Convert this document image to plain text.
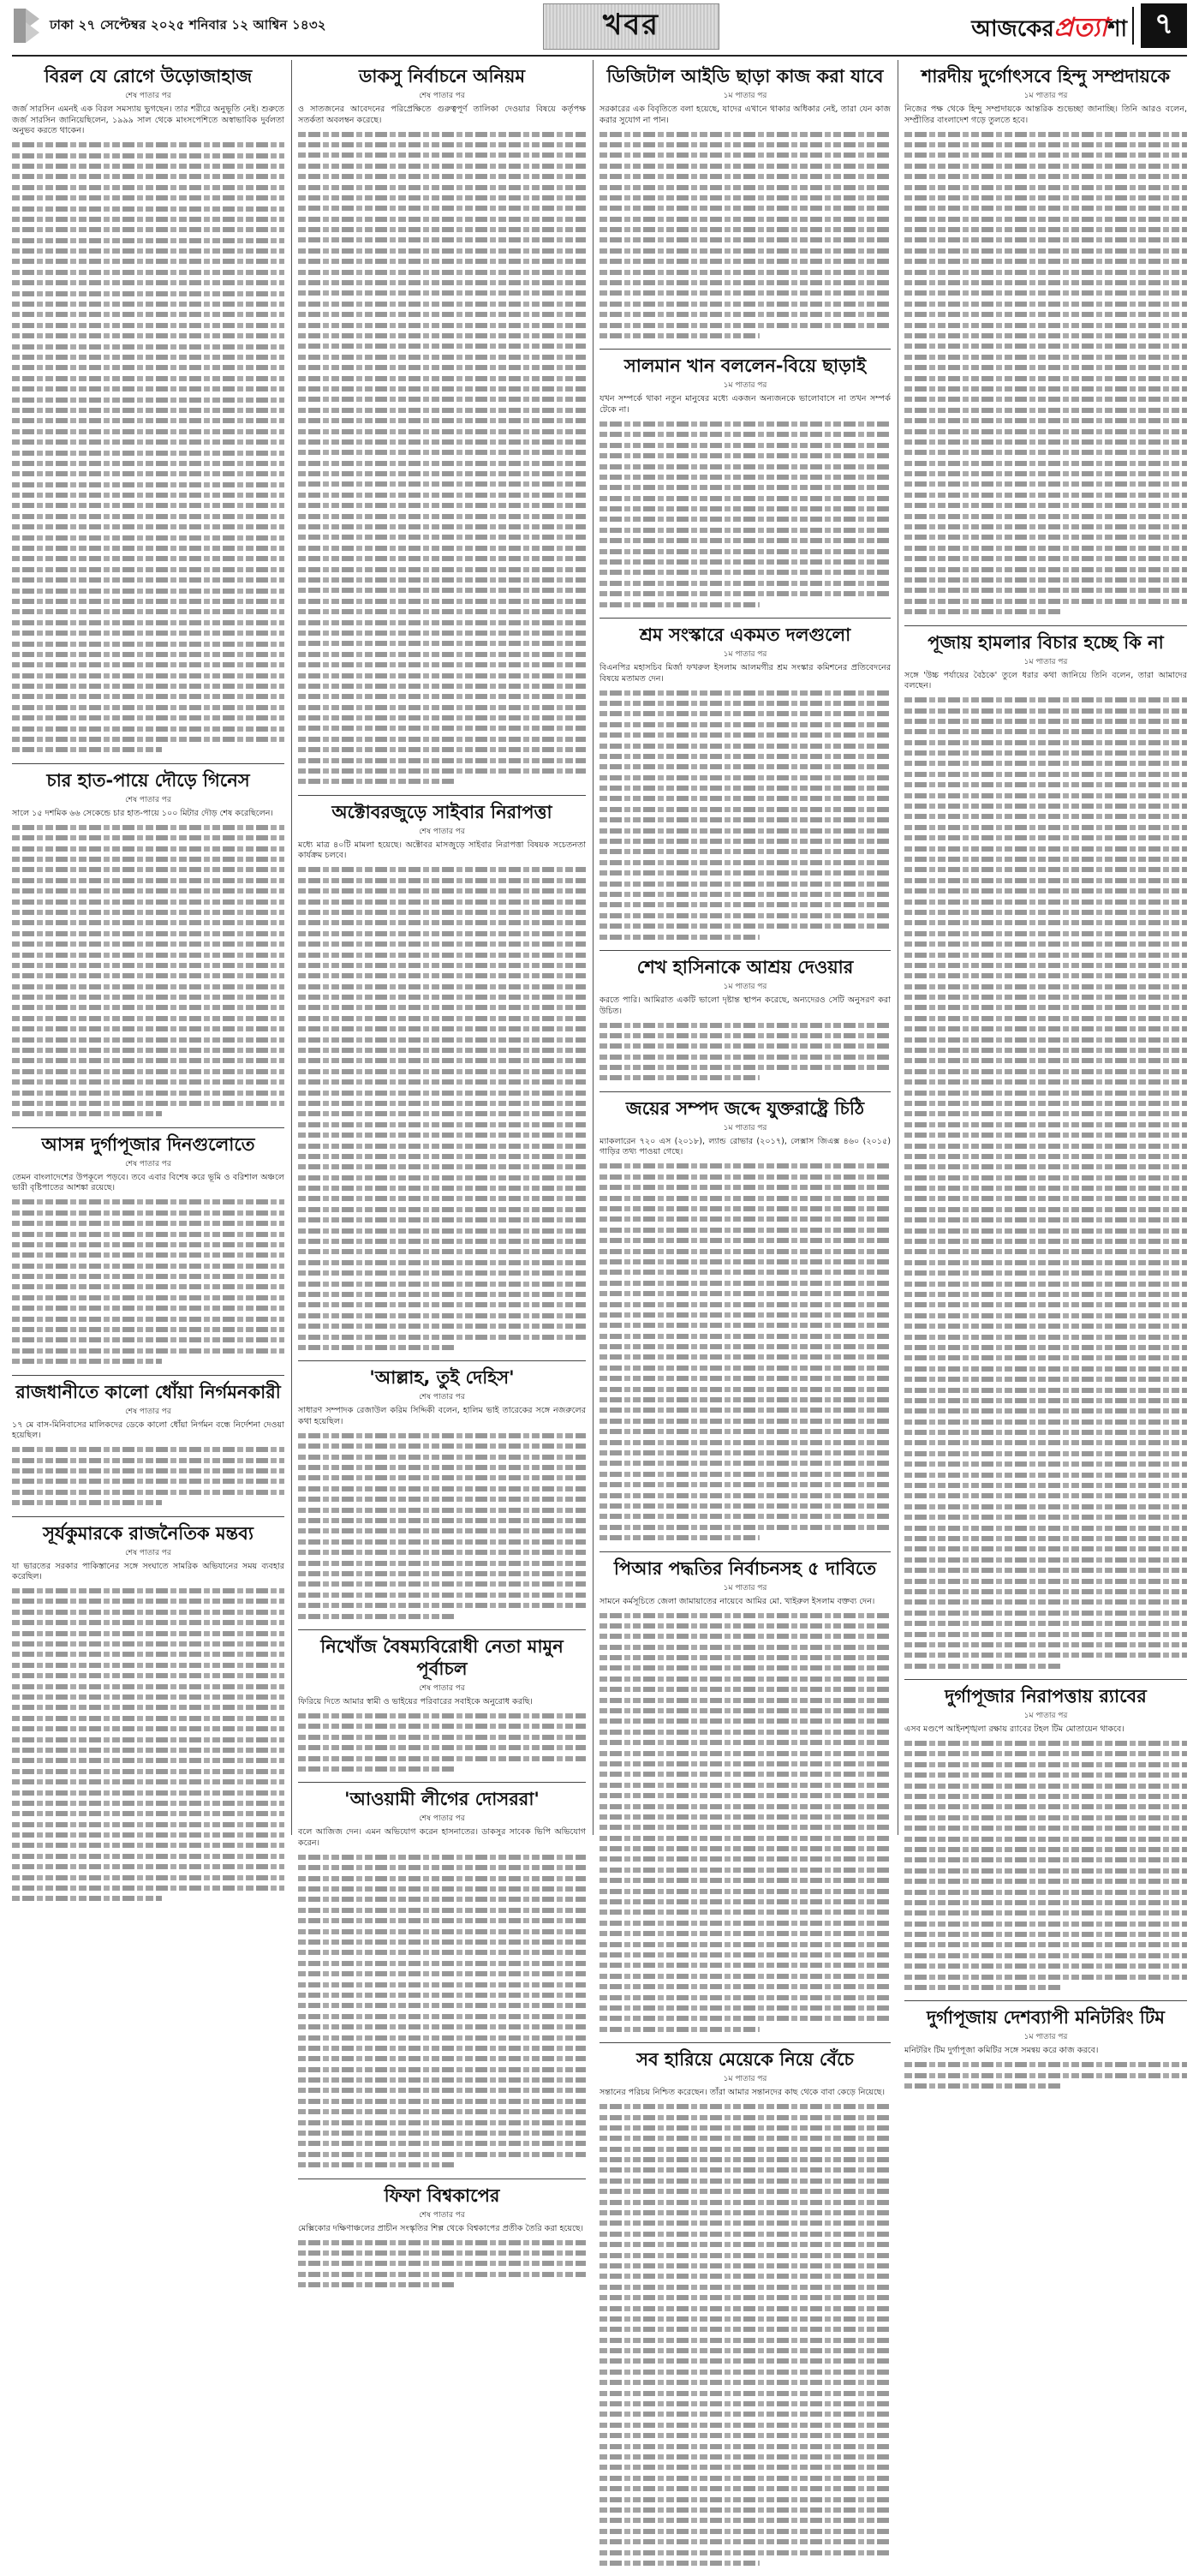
ঢাকা ২৭ সেপ্টেম্বর ২০২৫ শনিবার ১২ আশ্বিন ১৪৩২	খবর	আজকের প্রত্যা শা ৭
বিরল যে রোগে উড়োজাহাজ
শেষ পাতার পর

জর্জ সারসিন এমনই এক বিরল সমস্যায় ভুগছেন। তার শরীরে অনুভূতি নেই। শুরুতে জর্জ সারসিন জানিয়েছিলেন, ১৯৯৯ সাল থেকে মাংসপেশিতে অস্বাভাবিক দুর্বলতা অনুভব করতে থাকেন।

চার হাত-পায়ে দৌড়ে গিনেস
শেষ পাতার পর

সালে ১৫ দশমিক ৬৬ সেকেন্ডে চার হাত-পায়ে ১০০ মিটার দৌড় শেষ করেছিলেন।

আসন্ন দুর্গাপূজার দিনগুলোতে
শেষ পাতার পর

তেমন বাংলাদেশের উপকূলে পড়বে। তবে এবার বিশেষ করে ভূমি ও বরিশাল অঞ্চলে ভারী বৃষ্টিপাতের আশঙ্কা রয়েছে।

রাজধানীতে কালো ধোঁয়া নির্গমনকারী
শেষ পাতার পর

১৭ মে বাস-মিনিবাসের মালিকদের ডেকে কালো ধোঁয়া নির্গমন বন্ধে নির্দেশনা দেওয়া হয়েছিল।

সূর্যকুমারকে রাজনৈতিক মন্তব্য
শেষ পাতার পর

যা ভারতের সরকার পাকিস্তানের সঙ্গে সংঘাতে সামরিক অভিযানের সময় ব্যবহার করেছিল।

ডাকসু নির্বাচনে অনিয়ম
শেষ পাতার পর

ও সাতজনের আবেদনের পরিপ্রেক্ষিতে গুরুত্বপূর্ণ তালিকা দেওয়ার বিষয়ে কর্তৃপক্ষ সতর্কতা অবলম্বন করেছে।

অক্টোবরজুড়ে সাইবার নিরাপত্তা
শেষ পাতার পর

মধ্যে মাত্র ৪০টি মামলা হয়েছে। অক্টোবর মাসজুড়ে সাইবার নিরাপত্তা বিষয়ক সচেতনতা কার্যক্রম চলবে।

'আল্লাহ, তুই দেহিস'
শেষ পাতার পর

সাধারণ সম্পাদক রেজাউল করিম সিদ্দিকী বলেন, হালিম ভাই তারেকের সঙ্গে নজরুলের কথা হয়েছিল।

নিখোঁজ বৈষম্যবিরোধী নেতা মামুন পূর্বাচল
শেষ পাতার পর

ফিরিয়ে দিতে আমার স্বামী ও ভাইয়ের পরিবারের সবাইকে অনুরোধ করছি।

'আওয়ামী লীগের দোসররা'
শেষ পাতার পর

বলে আজিজ দেন। এমন অভিযোগ করেন হাসনাতের। ডাকসুর সাবেক ভিপি অভিযোগ করেন।

ফিফা বিশ্বকাপের
শেষ পাতার পর

মেক্সিকোর দক্ষিণাঞ্চলের প্রাচীন সংস্কৃতির শিল্প থেকে বিশ্বকাপের প্রতীক তৈরি করা হয়েছে।

ডিজিটাল আইডি ছাড়া কাজ করা যাবে
১ম পাতার পর

সরকারের এক বিবৃতিতে বলা হয়েছে, যাদের এখানে থাকার অধিকার নেই, তারা যেন কাজ করার সুযোগ না পান।

সালমান খান বললেন-বিয়ে ছাড়াই
১ম পাতার পর

যখন সম্পর্কে থাকা নতুন মানুষের মধ্যে একজন অন্যজনকে ভালোবাসে না তখন সম্পর্ক টেকে না।

শ্রম সংস্কারে একমত দলগুলো
১ম পাতার পর

বিএনপির মহাসচিব মির্জা ফখরুল ইসলাম আলমগীর শ্রম সংস্কার কমিশনের প্রতিবেদনের বিষয়ে মতামত দেন।

শেখ হাসিনাকে আশ্রয় দেওয়ার
১ম পাতার পর

করতে পারি। আমিরাত একটি ভালো দৃষ্টান্ত স্থাপন করেছে, অন্যদেরও সেটি অনুসরণ করা উচিত।

জয়ের সম্পদ জব্দে যুক্তরাষ্ট্রে চিঠি
১ম পাতার পর

ম্যাকলারেন ৭২০ এস (২০১৮), ল্যান্ড রোভার (২০১৭), লেক্সাস জিএক্স ৪৬০ (২০১৫) গাড়ির তথ্য পাওয়া গেছে।

পিআর পদ্ধতির নির্বাচনসহ ৫ দাবিতে
১ম পাতার পর

সামনে কর্মসূচিতে জেলা জামায়াতের নায়েবে আমির মো. খাইরুল ইসলাম বক্তব্য দেন।

সব হারিয়ে মেয়েকে নিয়ে বেঁচে
১ম পাতার পর

সন্তানের পরিচয় নিশ্চিত করেছেন। তাঁরা আমার সন্তানদের কাছ থেকে বাবা কেড়ে নিয়েছে।

শারদীয় দুর্গোৎসবে হিন্দু সম্প্রদায়কে
১ম পাতার পর

নিজের পক্ষ থেকে হিন্দু সম্প্রদায়কে আন্তরিক শুভেচ্ছা জানাচ্ছি। তিনি আরও বলেন, সম্প্রীতির বাংলাদেশ গড়ে তুলতে হবে।

পূজায় হামলার বিচার হচ্ছে কি না
১ম পাতার পর

সঙ্গে 'উচ্চ পর্যায়ের বৈঠকে' তুলে ধরার কথা জানিয়ে তিনি বলেন, তারা আমাদের বলছেন।

দুর্গাপূজার নিরাপত্তায় র‌্যাবের
১ম পাতার পর

এসব মণ্ডপে আইনশৃঙ্খলা রক্ষায় র‌্যাবের টহল টিম মোতায়েন থাকবে।

দুর্গাপূজায় দেশব্যাপী মনিটরিং টিম
১ম পাতার পর

মনিটরিং টিম দুর্গাপূজা কমিটির সঙ্গে সমন্বয় করে কাজ করবে।
